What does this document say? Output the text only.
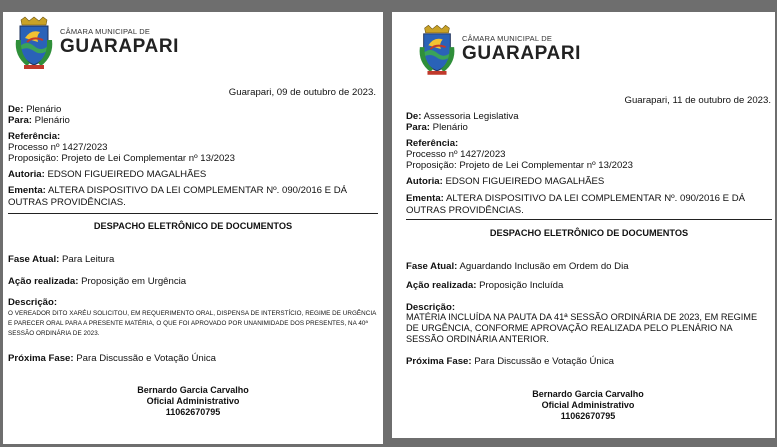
CÂMARA MUNICIPAL DE
GUARAPARI
Guarapari, 09 de outubro de 2023.
De: Plenário
Para: Plenário
Referência:
Processo nº 1427/2023
Proposição: Projeto de Lei Complementar nº 13/2023
Autoria: EDSON FIGUEIREDO MAGALHÃES
Ementa: ALTERA DISPOSITIVO DA LEI COMPLEMENTAR Nº. 090/2016 E DÁ OUTRAS PROVIDÊNCIAS.
DESPACHO ELETRÔNICO DE DOCUMENTOS
Fase Atual: Para Leitura
Ação realizada: Proposição em Urgência
Descrição:
O VEREADOR DITO XARÉU SOLICITOU, EM REQUERIMENTO ORAL, DISPENSA DE INTERSTÍCIO, REGIME DE URGÊNCIA E PARECER ORAL PARA A PRESENTE MATÉRIA, O QUE FOI APROVADO POR UNANIMIDADE DOS PRESENTES, NA 40ª SESSÃO ORDINÁRIA DE 2023.
Próxima Fase: Para Discussão e Votação Única
Bernardo Garcia Carvalho
Oficial Administrativo
11062670795
CÂMARA MUNICIPAL DE
GUARAPARI
Guarapari, 11 de outubro de 2023.
De: Assessoria Legislativa
Para: Plenário
Referência:
Processo nº 1427/2023
Proposição: Projeto de Lei Complementar nº 13/2023
Autoria: EDSON FIGUEIREDO MAGALHÃES
Ementa: ALTERA DISPOSITIVO DA LEI COMPLEMENTAR Nº. 090/2016 E DÁ OUTRAS PROVIDÊNCIAS.
DESPACHO ELETRÔNICO DE DOCUMENTOS
Fase Atual: Aguardando Inclusão em Ordem do Dia
Ação realizada: Proposição Incluída
Descrição:
MATÉRIA INCLUÍDA NA PAUTA DA 41ª SESSÃO ORDINÁRIA DE 2023, EM REGIME DE URGÊNCIA, CONFORME APROVAÇÃO REALIZADA PELO PLENÁRIO NA SESSÃO ORDINÁRIA ANTERIOR.
Próxima Fase: Para Discussão e Votação Única
Bernardo Garcia Carvalho
Oficial Administrativo
11062670795
